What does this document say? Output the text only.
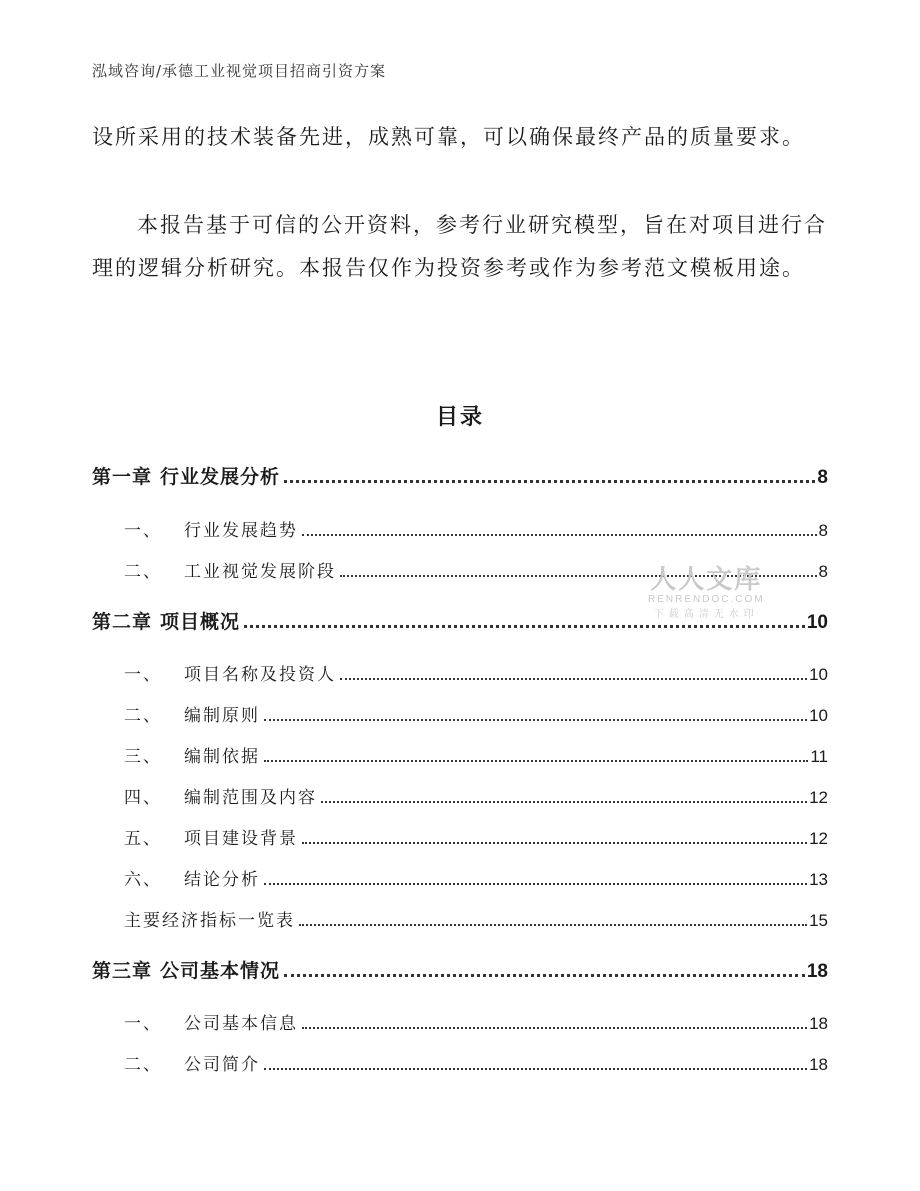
泓域咨询/承德工业视觉项目招商引资方案
设所采用的技术装备先进，成熟可靠，可以确保最终产品的质量要求。
本报告基于可信的公开资料，参考行业研究模型，旨在对项目进行合理的逻辑分析研究。本报告仅作为投资参考或作为参考范文模板用途。
目录
第一章 行业发展分析	8
一、 行业发展趋势	8
二、 工业视觉发展阶段	8
第二章 项目概况	10
一、 项目名称及投资人	10
二、 编制原则	10
三、 编制依据	11
四、 编制范围及内容	12
五、 项目建设背景	12
六、 结论分析	13
主要经济指标一览表	15
第三章 公司基本情况	18
一、 公司基本信息	18
二、 公司简介	18
人人文库
RENRENDOC.COM
下载高清无水印
